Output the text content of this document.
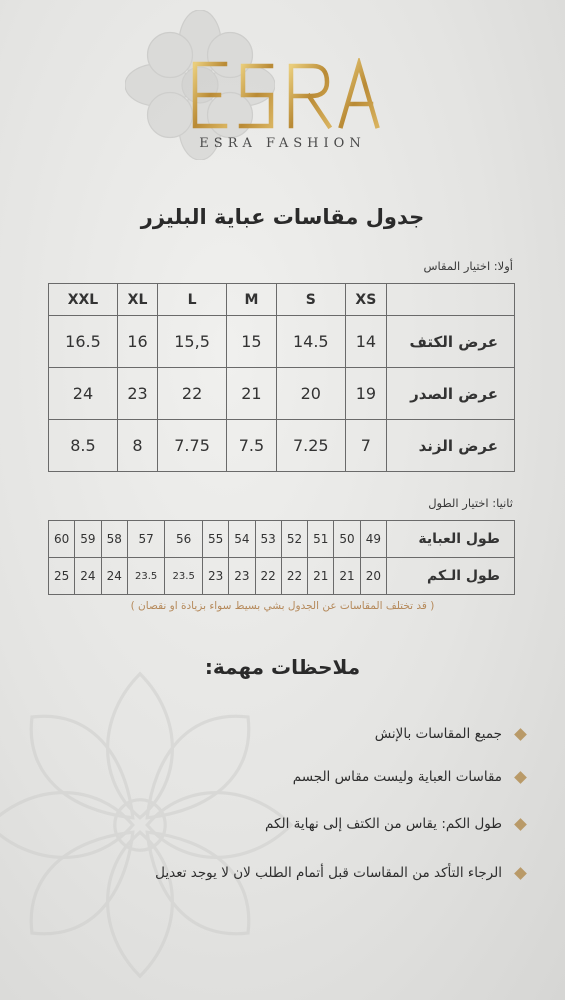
ESRA FASHION
جدول مقاسات عباية البليزر
أولا: اختيار المقاس
XXL	XL	L	M	S	XS	
16.5	16	15,5	15	14.5	14	عرض الكتف
24	23	22	21	20	19	عرض الصدر
8.5	8	7.75	7.5	7.25	7	عرض الزند
ثانيا: اختيار الطول
60	59	58	57	56	55	54	53	52	51	50	49	طول العباية
25	24	24	23.5	23.5	23	23	22	22	21	21	20	طول الـكم
( قد تختلف المقاسات عن الجدول بشي بسيط سواء بزيادة او نقصان )
ملاحظات مهمة:
جميع المقاسات بالإنش
مقاسات العباية وليست مقاس الجسم
طول الكم: يقاس من الكتف إلى نهاية الكم
الرجاء التأكد من المقاسات قبل أتمام الطلب لان لا يوجد تعديل
